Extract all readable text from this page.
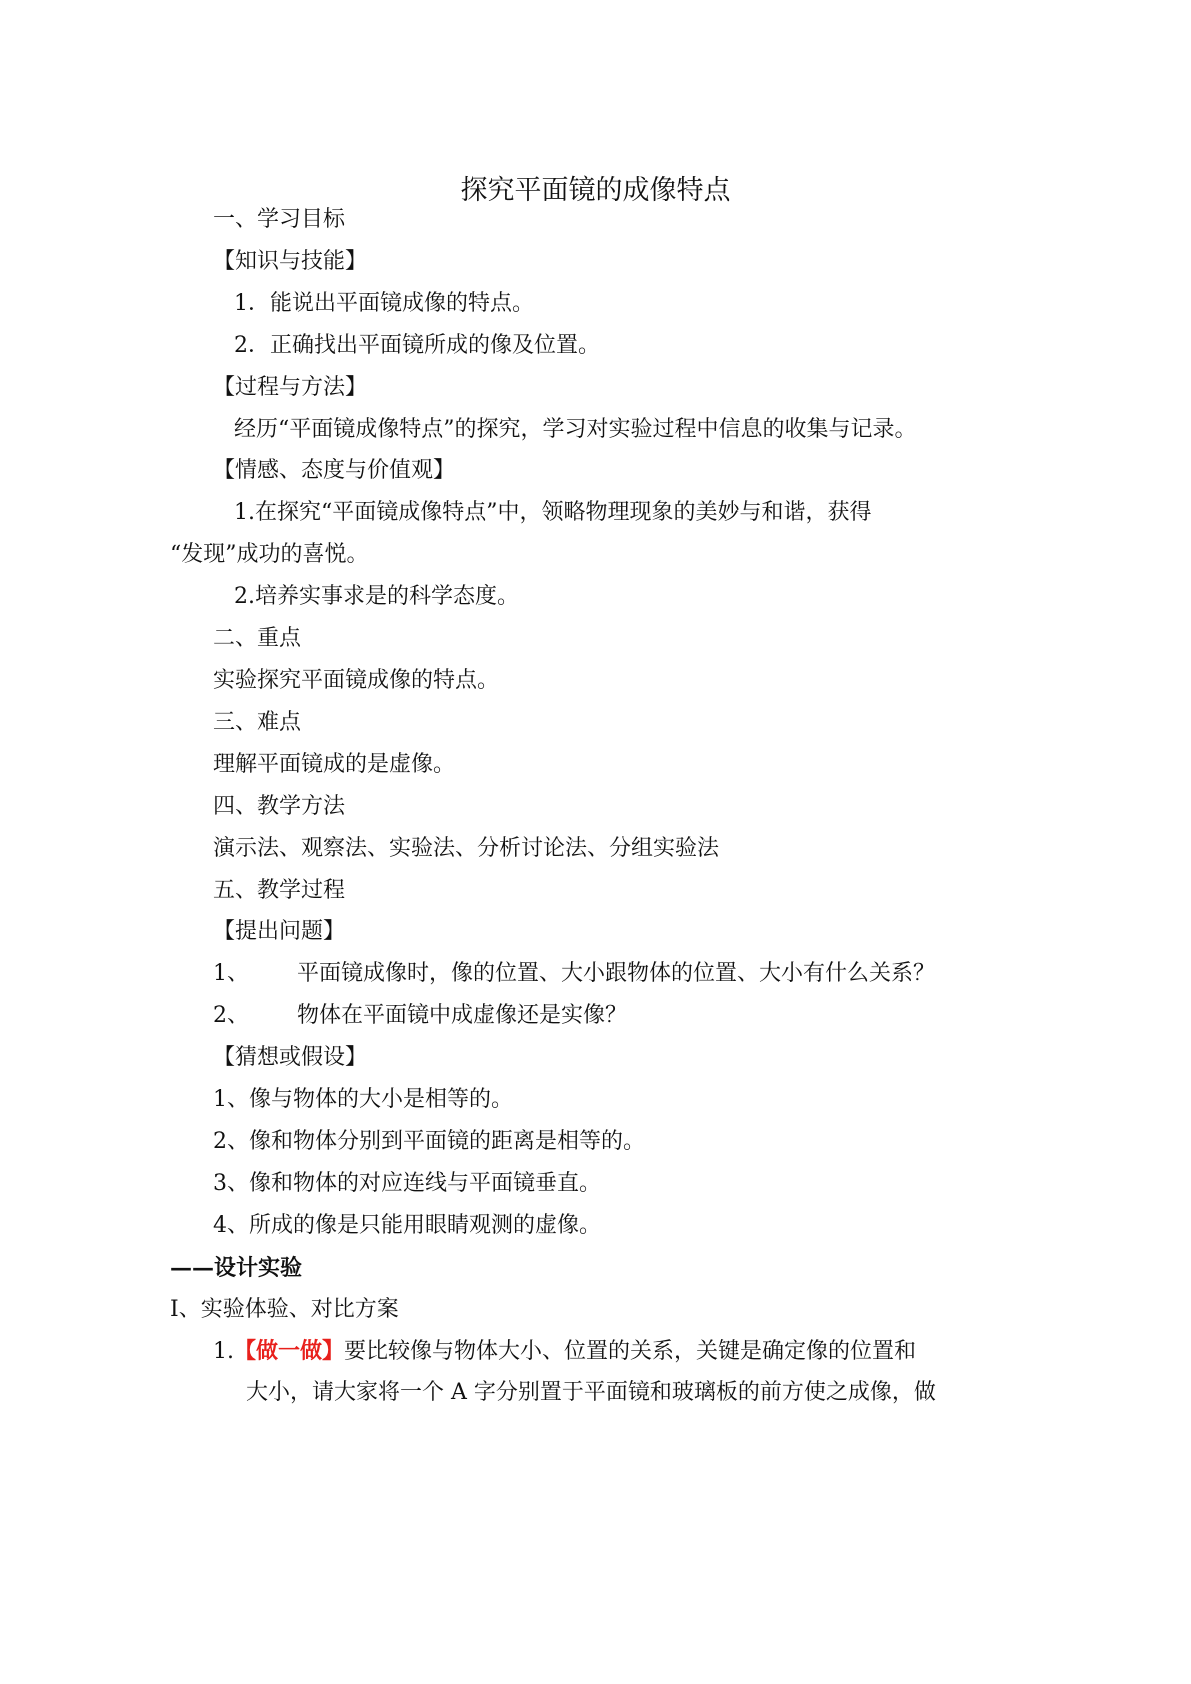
探究平面镜的成像特点
一、学习目标
【知识与技能】
1．能说出平面镜成像的特点。
2．正确找出平面镜所成的像及位置。
【过程与方法】
经历“平面镜成像特点”的探究，学习对实验过程中信息的收集与记录。
【情感、态度与价值观】
1.在探究“平面镜成像特点”中，领略物理现象的美妙与和谐，获得
“发现”成功的喜悦。
2.培养实事求是的科学态度。
二、重点
实验探究平面镜成像的特点。
三、难点
理解平面镜成的是虚像。
四、教学方法
演示法、观察法、实验法、分析讨论法、分组实验法
五、教学过程
【提出问题】
1、 平面镜成像时，像的位置、大小跟物体的位置、大小有什么关系？
2、 物体在平面镜中成虚像还是实像？
【猜想或假设】
1、像与物体的大小是相等的。
2、像和物体分别到平面镜的距离是相等的。
3、像和物体的对应连线与平面镜垂直。
4、所成的像是只能用眼睛观测的虚像。
——设计实验
Ⅰ、实验体验、对比方案
1.【做一做】要比较像与物体大小、位置的关系，关键是确定像的位置和
大小，请大家将一个 A 字分别置于平面镜和玻璃板的前方使之成像，做
